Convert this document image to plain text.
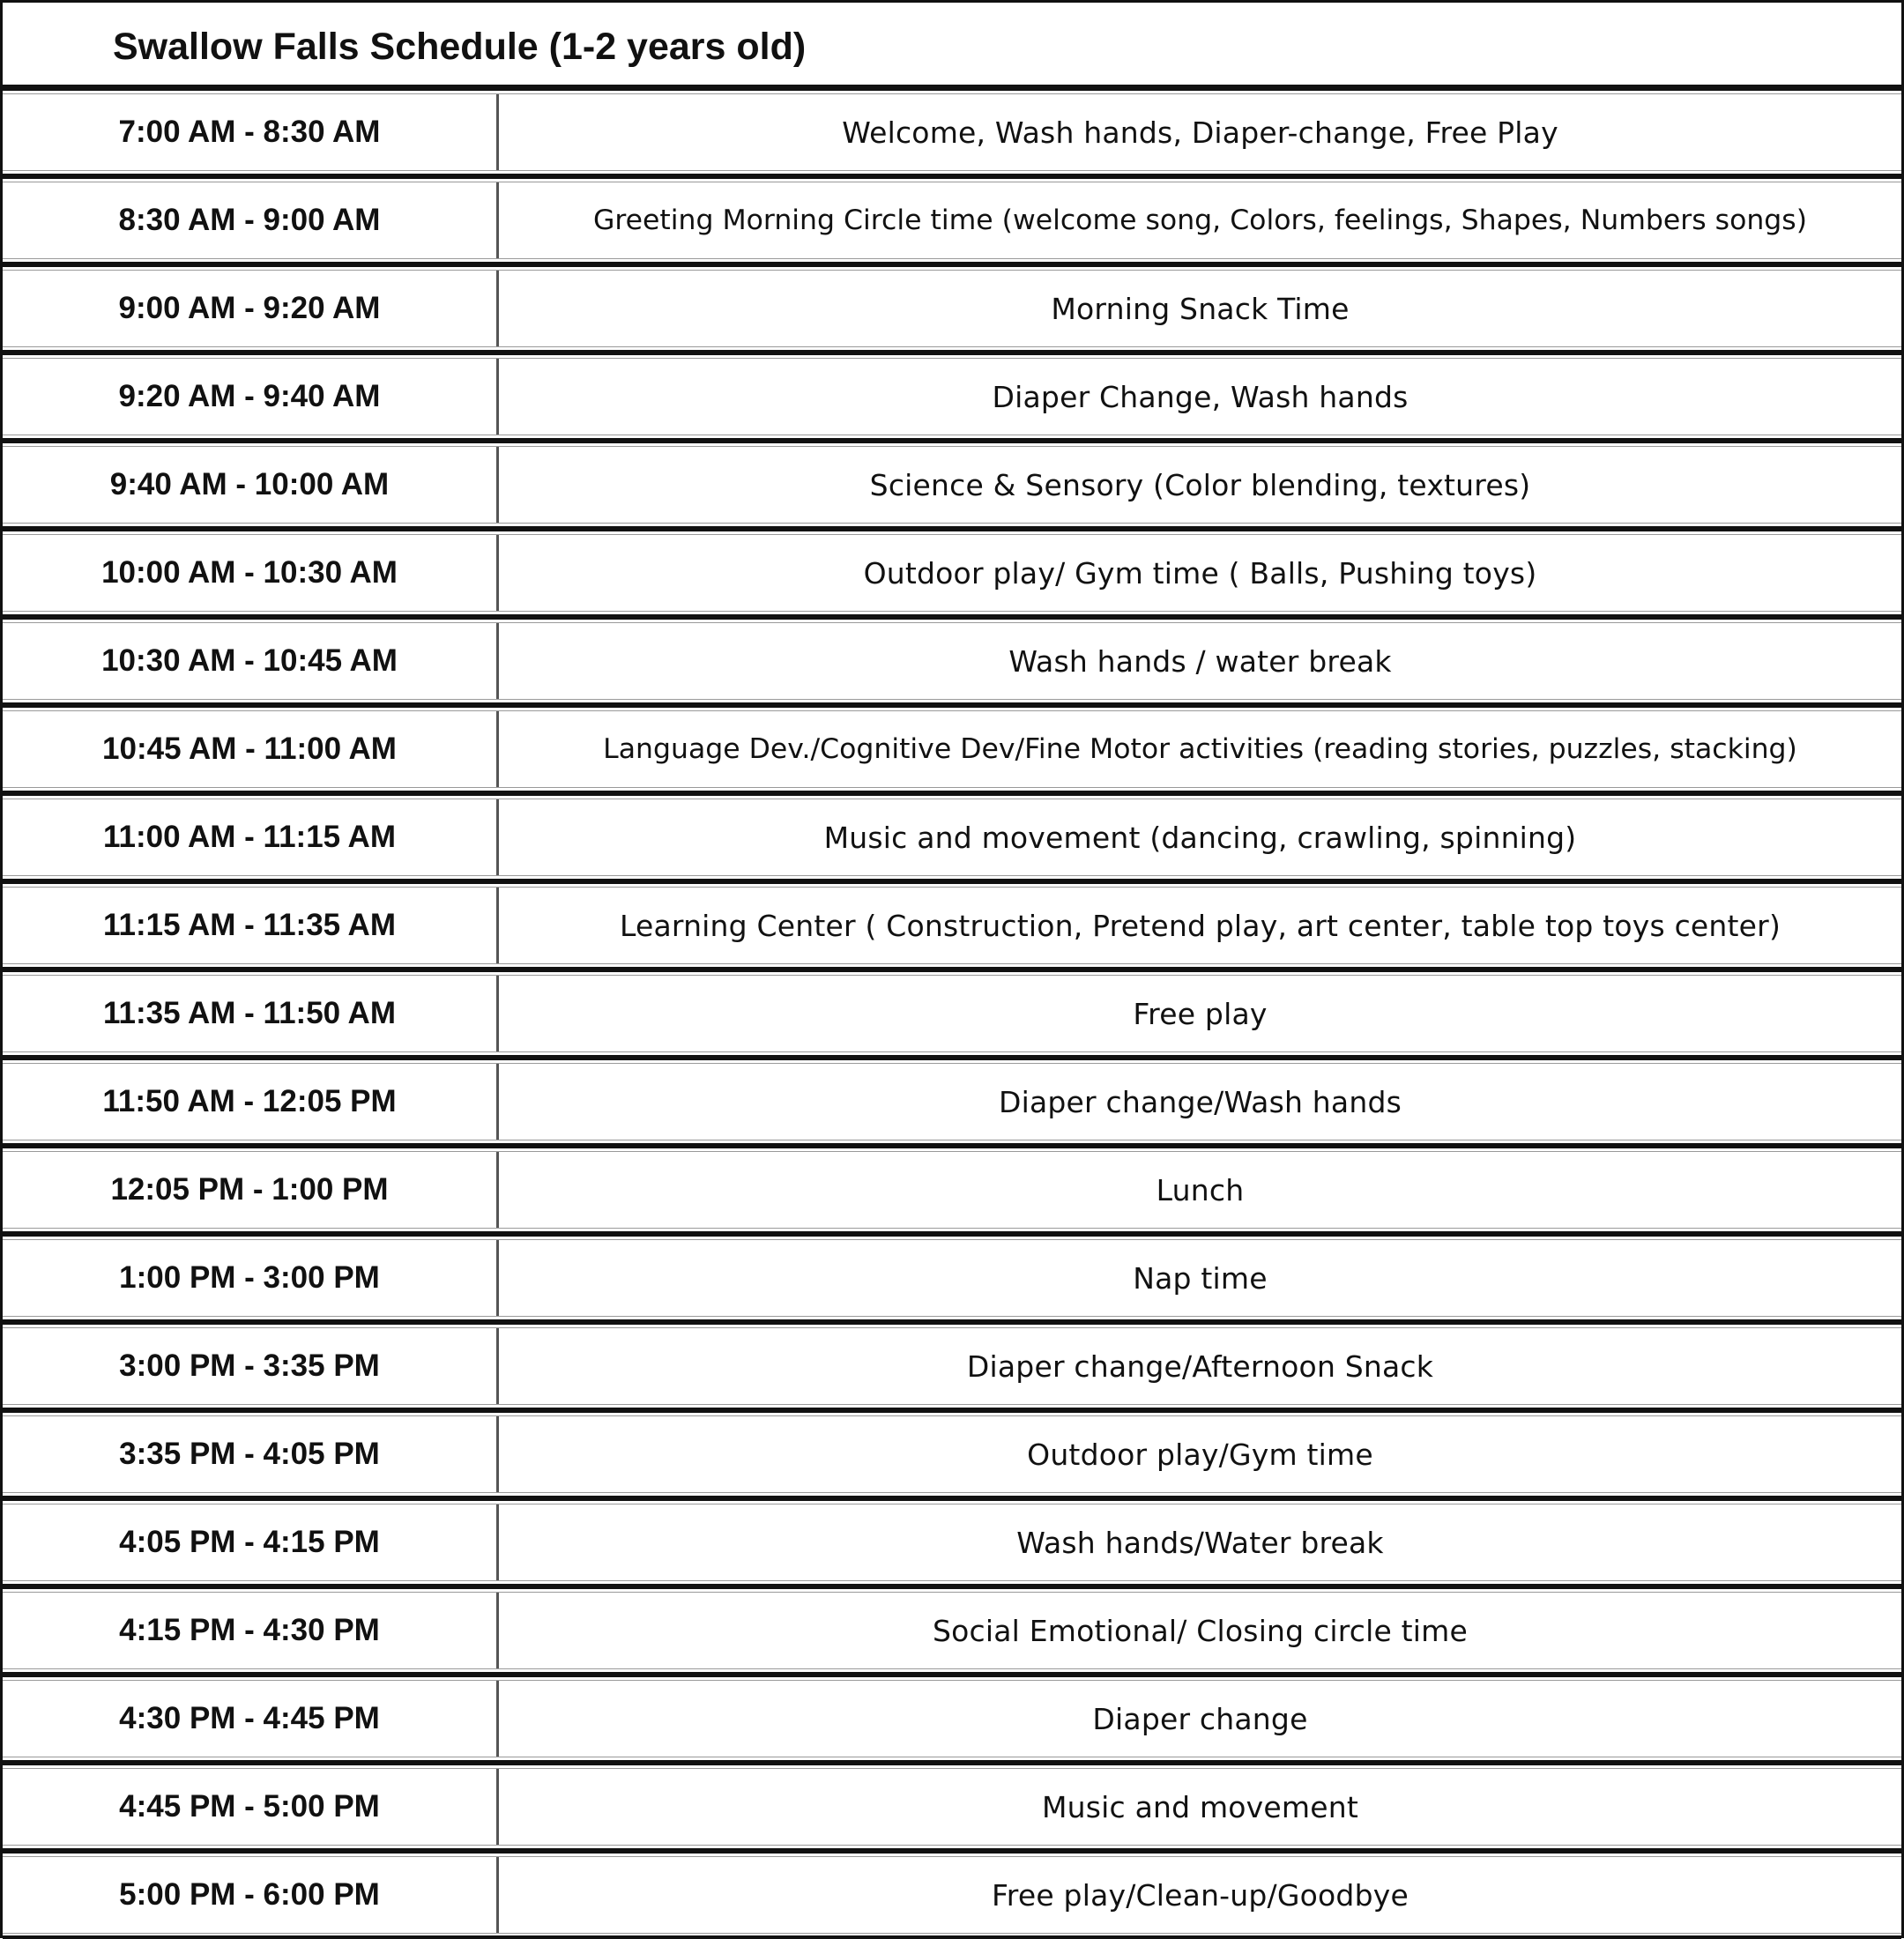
Swallow Falls Schedule (1-2 years old)
7:00 AM - 8:30 AM	Welcome, Wash hands, Diaper-change, Free Play
8:30 AM - 9:00 AM	Greeting Morning Circle time (welcome song, Colors, feelings, Shapes, Numbers songs)
9:00 AM - 9:20 AM	Morning Snack Time
9:20 AM - 9:40 AM	Diaper Change, Wash hands
9:40 AM - 10:00 AM	Science & Sensory (Color blending, textures)
10:00 AM - 10:30 AM	Outdoor play/ Gym time ( Balls, Pushing toys)
10:30 AM - 10:45 AM	Wash hands / water break
10:45 AM - 11:00 AM	Language Dev./Cognitive Dev/Fine Motor activities (reading stories, puzzles, stacking)
11:00 AM - 11:15 AM	Music and movement (dancing, crawling, spinning)
11:15 AM - 11:35 AM	Learning Center ( Construction, Pretend play, art center, table top toys center)
11:35 AM - 11:50 AM	Free play
11:50 AM - 12:05 PM	Diaper change/Wash hands
12:05 PM - 1:00 PM	Lunch
1:00 PM - 3:00 PM	Nap time
3:00 PM - 3:35 PM	Diaper change/Afternoon Snack
3:35 PM - 4:05 PM	Outdoor play/Gym time
4:05 PM - 4:15 PM	Wash hands/Water break
4:15 PM - 4:30 PM	Social Emotional/ Closing circle time
4:30 PM - 4:45 PM	Diaper change
4:45 PM - 5:00 PM	Music and movement
5:00 PM - 6:00 PM	Free play/Clean-up/Goodbye
